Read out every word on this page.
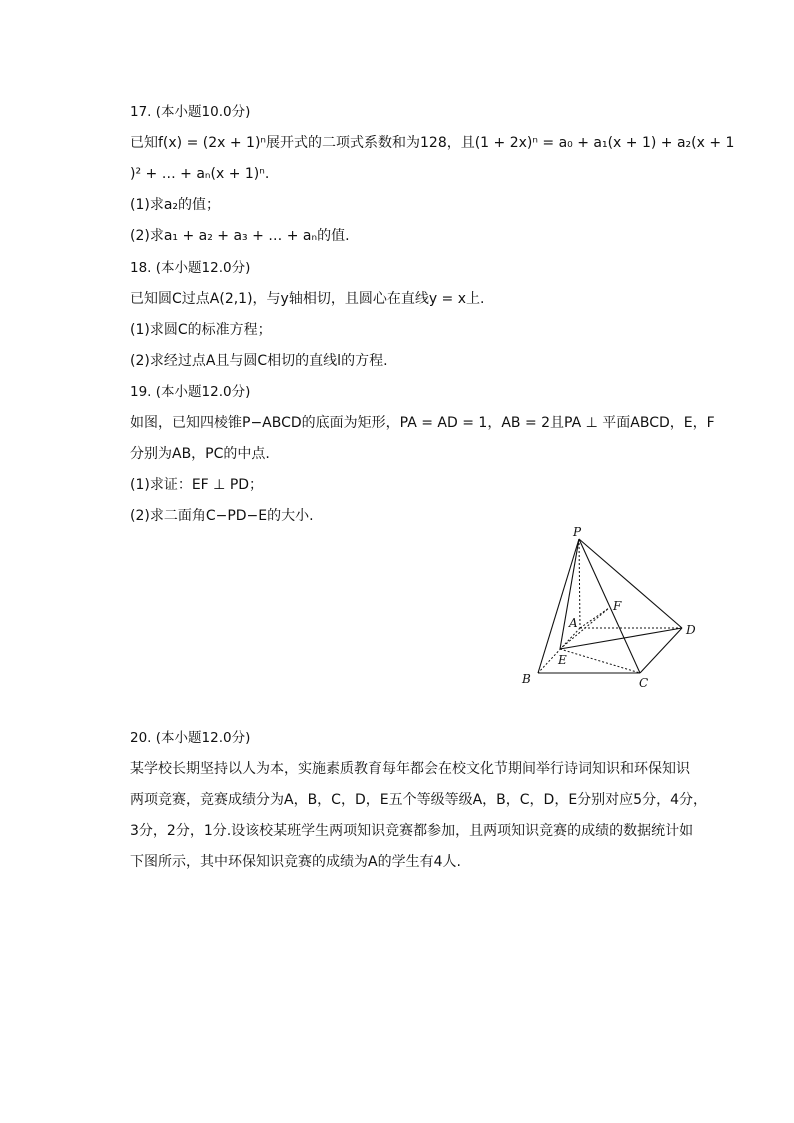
17. (本小题10.0分)
已知f(x) = (2x + 1)ⁿ展开式的二项式系数和为128，且(1 + 2x)ⁿ = a₀ + a₁(x + 1) + a₂(x + 1
)² + … + aₙ(x + 1)ⁿ.
(1)求a₂的值；
(2)求a₁ + a₂ + a₃ + … + aₙ的值.
18. (本小题12.0分)
已知圆C过点A(2,1)，与y轴相切，且圆心在直线y = x上.
(1)求圆C的标准方程；
(2)求经过点A且与圆C相切的直线l的方程.
19. (本小题12.0分)
如图，已知四棱锥P−ABCD的底面为矩形，PA = AD = 1，AB = 2且PA ⊥ 平面ABCD，E，F
分别为AB，PC的中点.
(1)求证：EF ⊥ PD；
(2)求二面角C−PD−E的大小.
P
A
B	C
D
E
F
20. (本小题12.0分)
某学校长期坚持以人为本，实施素质教育每年都会在校文化节期间举行诗词知识和环保知识
两项竞赛，竞赛成绩分为A，B，C，D，E五个等级等级A，B，C，D，E分别对应5分，4分，
3分，2分，1分.设该校某班学生两项知识竞赛都参加，且两项知识竞赛的成绩的数据统计如
下图所示，其中环保知识竞赛的成绩为A的学生有4人.
